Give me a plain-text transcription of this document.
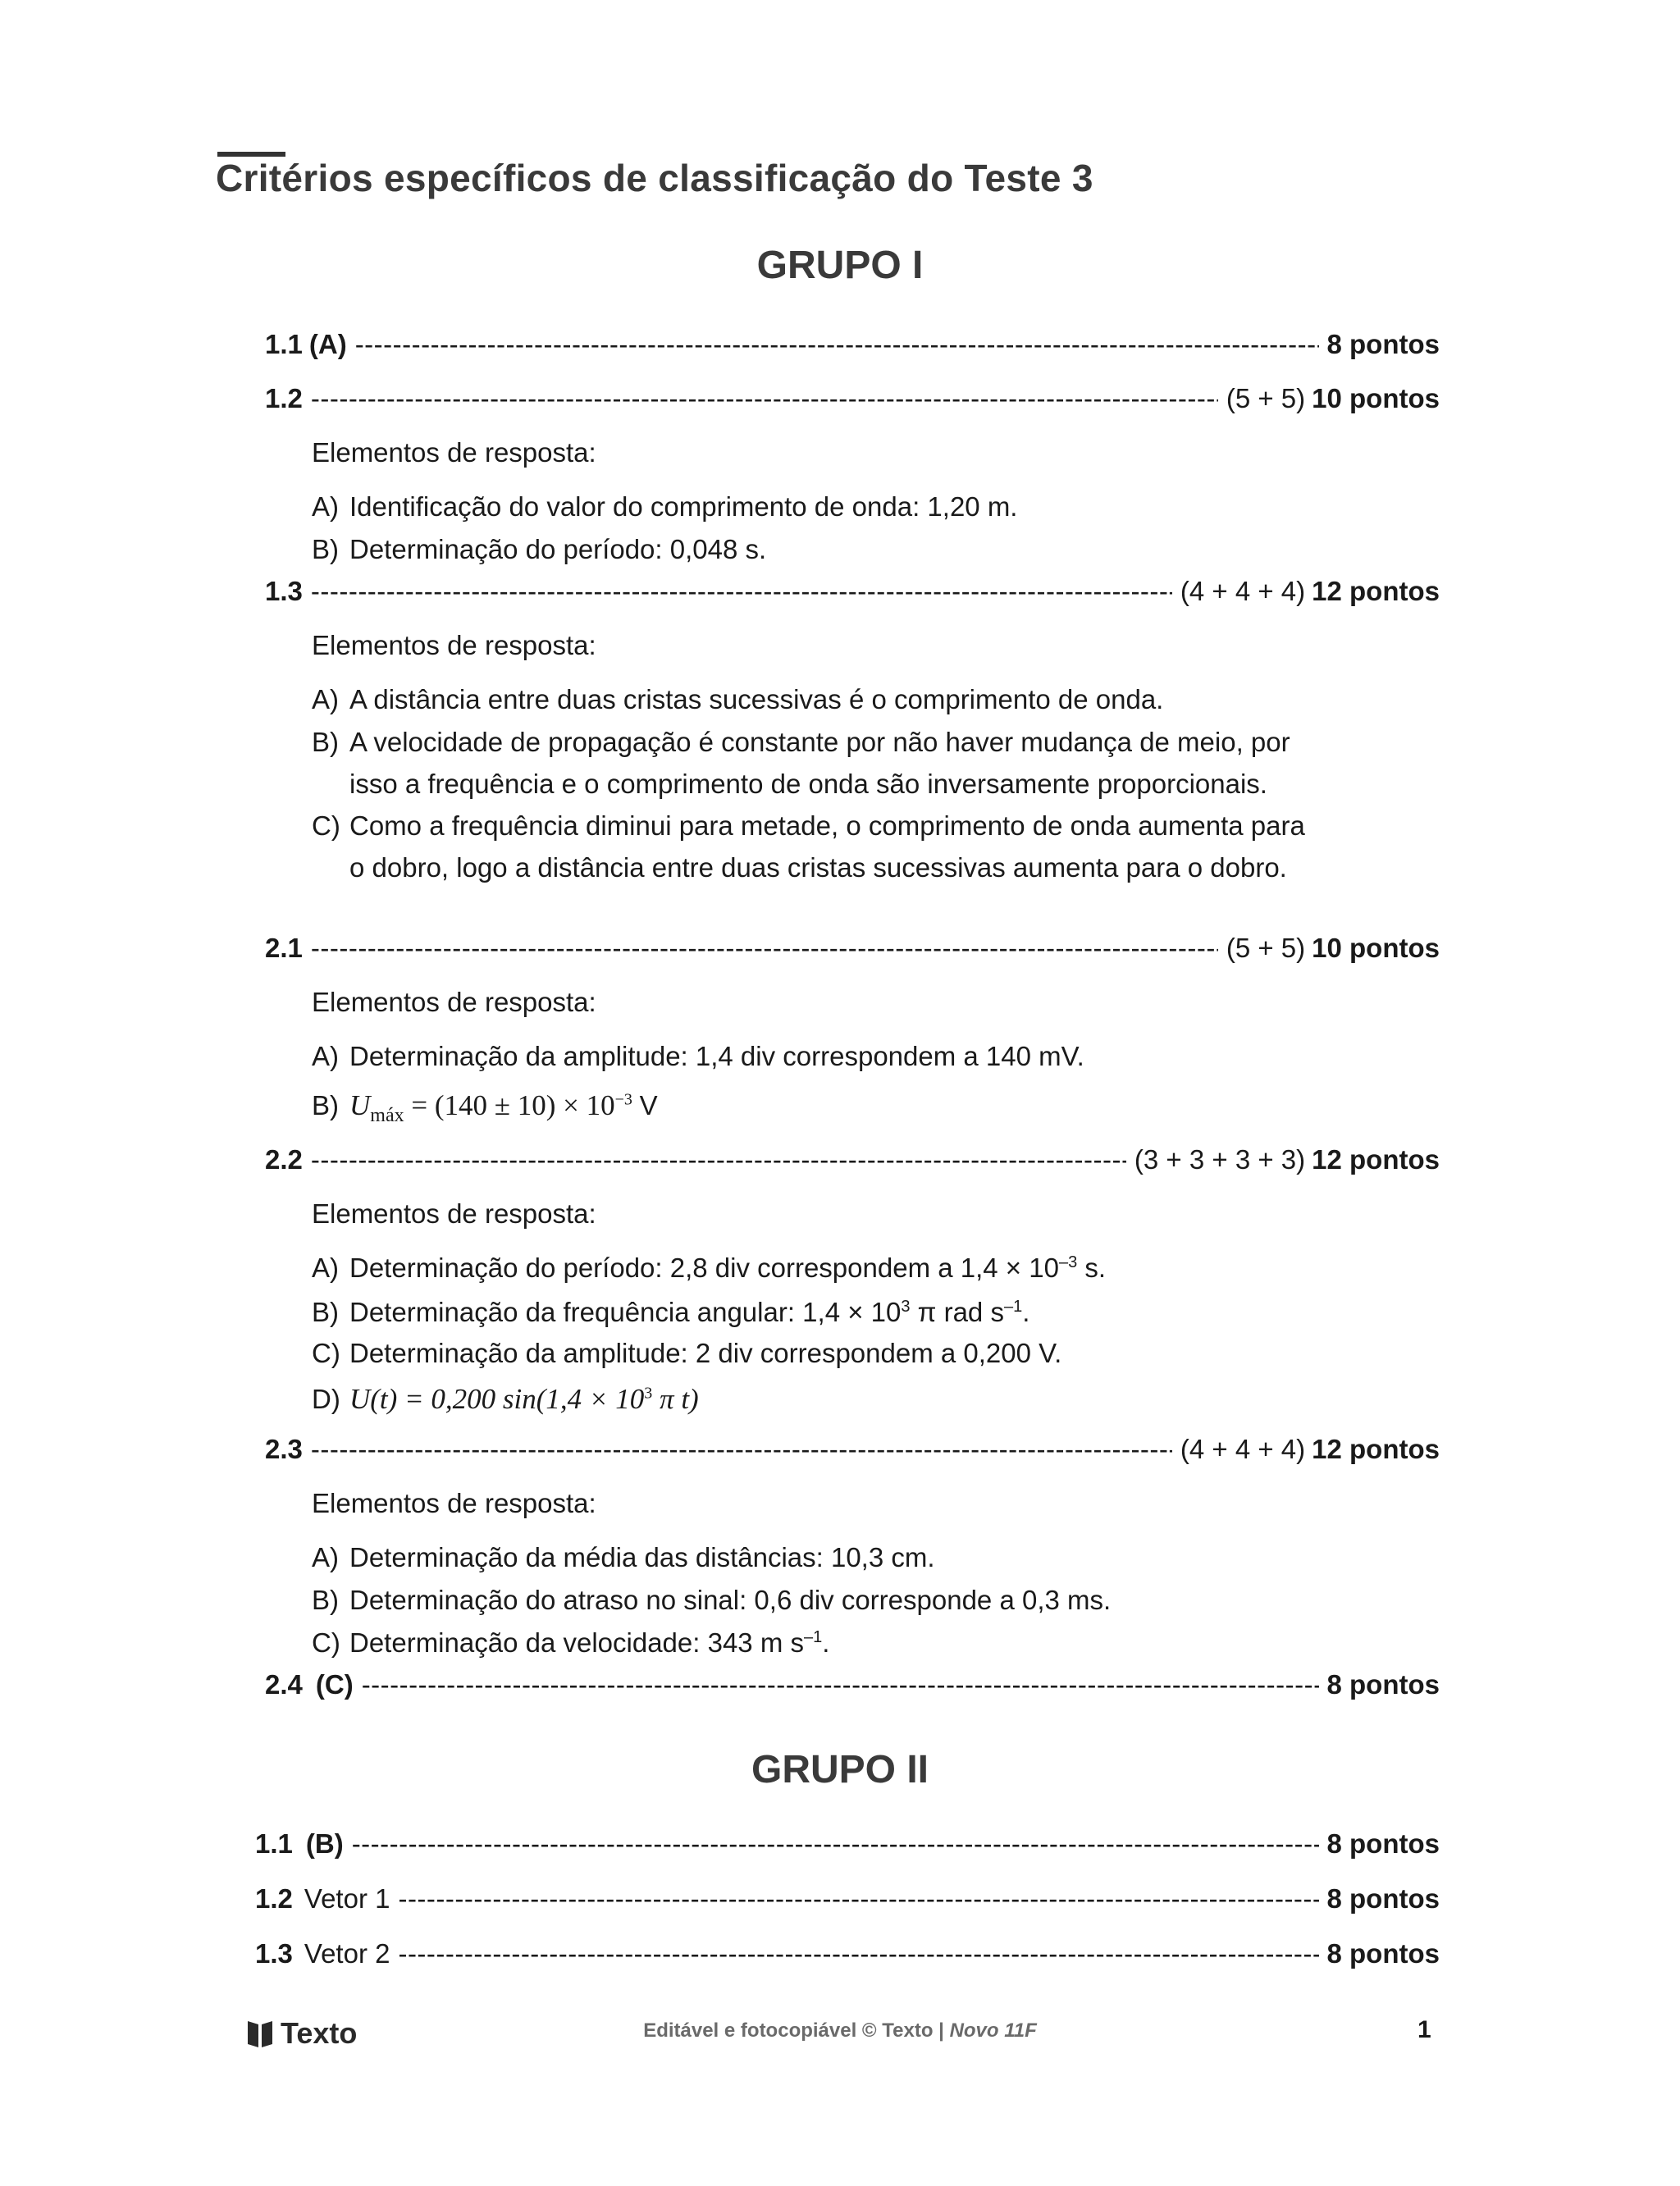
Critérios específicos de classificação do Teste 3
GRUPO I
1.1 (A) -----	8 pontos
1.2 -----	(5 + 5) 10 pontos
Elementos de resposta:
A) Identificação do valor do comprimento de onda: 1,20 m.
B) Determinação do período: 0,048 s.
1.3 -----	(4 + 4 + 4) 12 pontos
Elementos de resposta:
A) A distância entre duas cristas sucessivas é o comprimento de onda.
B) A velocidade de propagação é constante por não haver mudança de meio, por isso a frequência e o comprimento de onda são inversamente proporcionais.
C) Como a frequência diminui para metade, o comprimento de onda aumenta para o dobro, logo a distância entre duas cristas sucessivas aumenta para o dobro.
2.1 -----	(5 + 5) 10 pontos
Elementos de resposta:
A) Determinação da amplitude: 1,4 div correspondem a 140 mV.
B) $U_{máx} = (140 \pm 10) \times 10^{-3}$ V
2.2 -----	(3 + 3 + 3 + 3) 12 pontos
Elementos de resposta:
A) Determinação do período: 2,8 div correspondem a $1,4 \times 10^{-3}$ s.
B) Determinação da frequência angular: $1,4 \times 10^3$ π rad $s^{-1}$.
C) Determinação da amplitude: 2 div correspondem a 0,200 V.
D) U(t) = 0,200 $\sin(1,4 \times 10^3$ π t)
2.3 -----	(4 + 4 + 4) 12 pontos
Elementos de resposta:
A) Determinação da média das distâncias: 10,3 cm.
B) Determinação do atraso no sinal: 0,6 div corresponde a 0,3 ms.
C) Determinação da velocidade: 343 m $s^{-1}$.
2.4 (C) -----	8 pontos
GRUPO II
1.1 (B) -----	8 pontos
1.2 Vetor 1 -----	8 pontos
1.3 Vetor 2 -----	8 pontos
Texto	Editável e fotocopiável © Texto | Novo 11F	1
